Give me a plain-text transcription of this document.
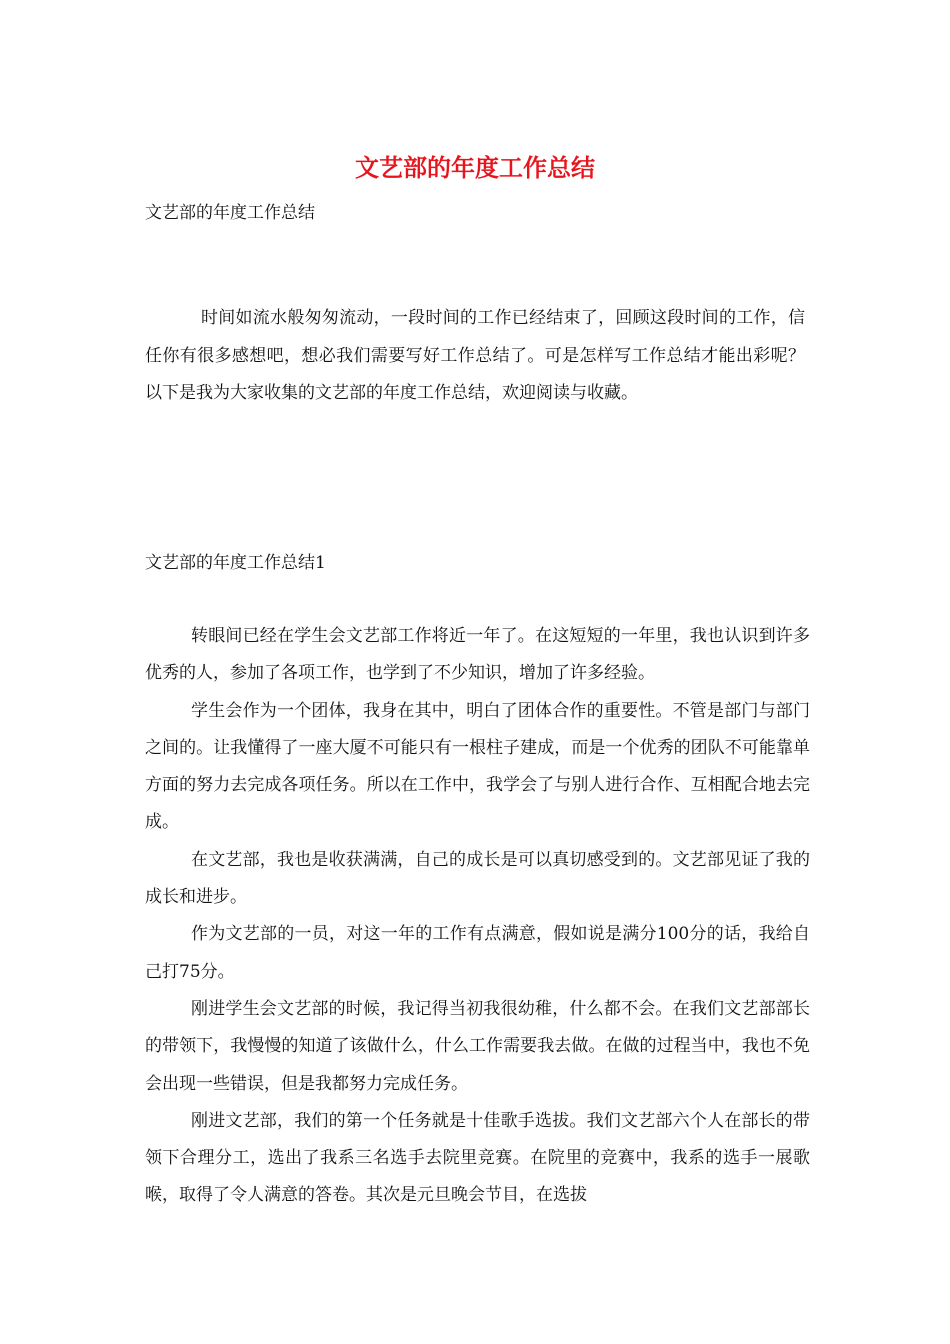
文艺部的年度工作总结
文艺部的年度工作总结

时间如流水般匆匆流动，一段时间的工作已经结束了，回顾这段时间的工作，信任你有很多感想吧，想必我们需要写好工作总结了。可是怎样写工作总结才能出彩呢？以下是我为大家收集的文艺部的年度工作总结，欢迎阅读与收藏。

文艺部的年度工作总结1

转眼间已经在学生会文艺部工作将近一年了。在这短短的一年里，我也认识到许多优秀的人，参加了各项工作，也学到了不少知识，增加了许多经验。

学生会作为一个团体，我身在其中，明白了团体合作的重要性。不管是部门与部门之间的。让我懂得了一座大厦不可能只有一根柱子建成，而是一个优秀的团队不可能靠单方面的努力去完成各项任务。所以在工作中，我学会了与别人进行合作、互相配合地去完成。

在文艺部，我也是收获满满，自己的成长是可以真切感受到的。文艺部见证了我的成长和进步。

作为文艺部的一员，对这一年的工作有点满意，假如说是满分100分的话，我给自己打75分。

刚进学生会文艺部的时候，我记得当初我很幼稚，什么都不会。在我们文艺部部长的带领下，我慢慢的知道了该做什么，什么工作需要我去做。在做的过程当中，我也不免会出现一些错误，但是我都努力完成任务。

刚进文艺部，我们的第一个任务就是十佳歌手选拔。我们文艺部六个人在部长的带领下合理分工，选出了我系三名选手去院里竞赛。在院里的竞赛中，我系的选手一展歌喉，取得了令人满意的答卷。其次是元旦晚会节目，在选拔
